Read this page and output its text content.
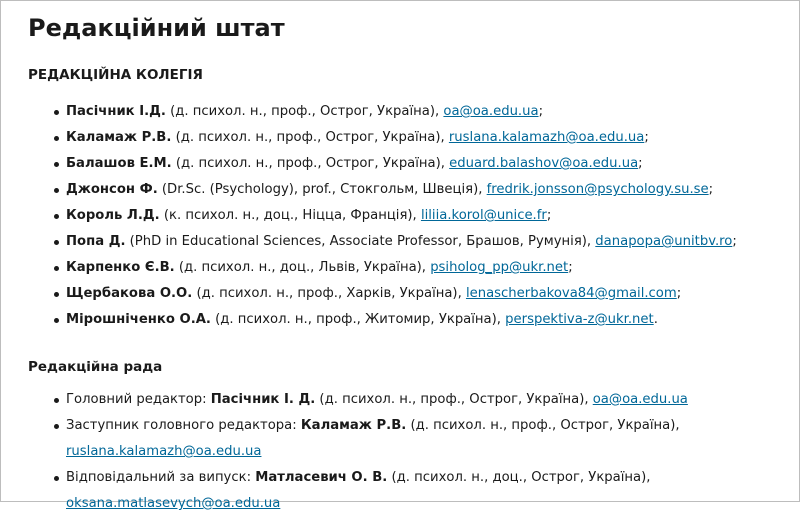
Редакційний штат
РЕДАКЦІЙНА КОЛЕГІЯ
Пасічник І.Д. (д. психол. н., проф., Острог, Україна), oa@oa.edu.ua;
Каламаж Р.В. (д. психол. н., проф., Острог, Україна), ruslana.kalamazh@oa.edu.ua;
Балашов Е.М. (д. психол. н., проф., Острог, Україна), eduard.balashov@oa.edu.ua;
Джонсон Ф. (Dr.Sc. (Psychology), prof., Стокгольм, Швеція), fredrik.jonsson@psychology.su.se;
Король Л.Д. (к. психол. н., доц., Ніцца, Франція), liliia.korol@unice.fr;
Попа Д. (PhD in Educational Sciences, Associate Professor, Брашов, Румунія), danapopa@unitbv.ro;
Карпенко Є.В. (д. психол. н., доц., Львів, Україна), psiholog_pp@ukr.net;
Щербакова О.О. (д. психол. н., проф., Харків, Україна), lenascherbakova84@gmail.com;
Мірошніченко О.А. (д. психол. н., проф., Житомир, Україна), perspektiva-z@ukr.net.
Редакційна рада
Головний редактор: Пасічник І. Д. (д. психол. н., проф., Острог, Україна), oa@oa.edu.ua
Заступник головного редактора: Каламаж Р.В. (д. психол. н., проф., Острог, Україна), ruslana.kalamazh@oa.edu.ua
Відповідальний за випуск: Матласевич О. В. (д. психол. н., доц., Острог, Україна), oksana.matlasevych@oa.edu.ua
